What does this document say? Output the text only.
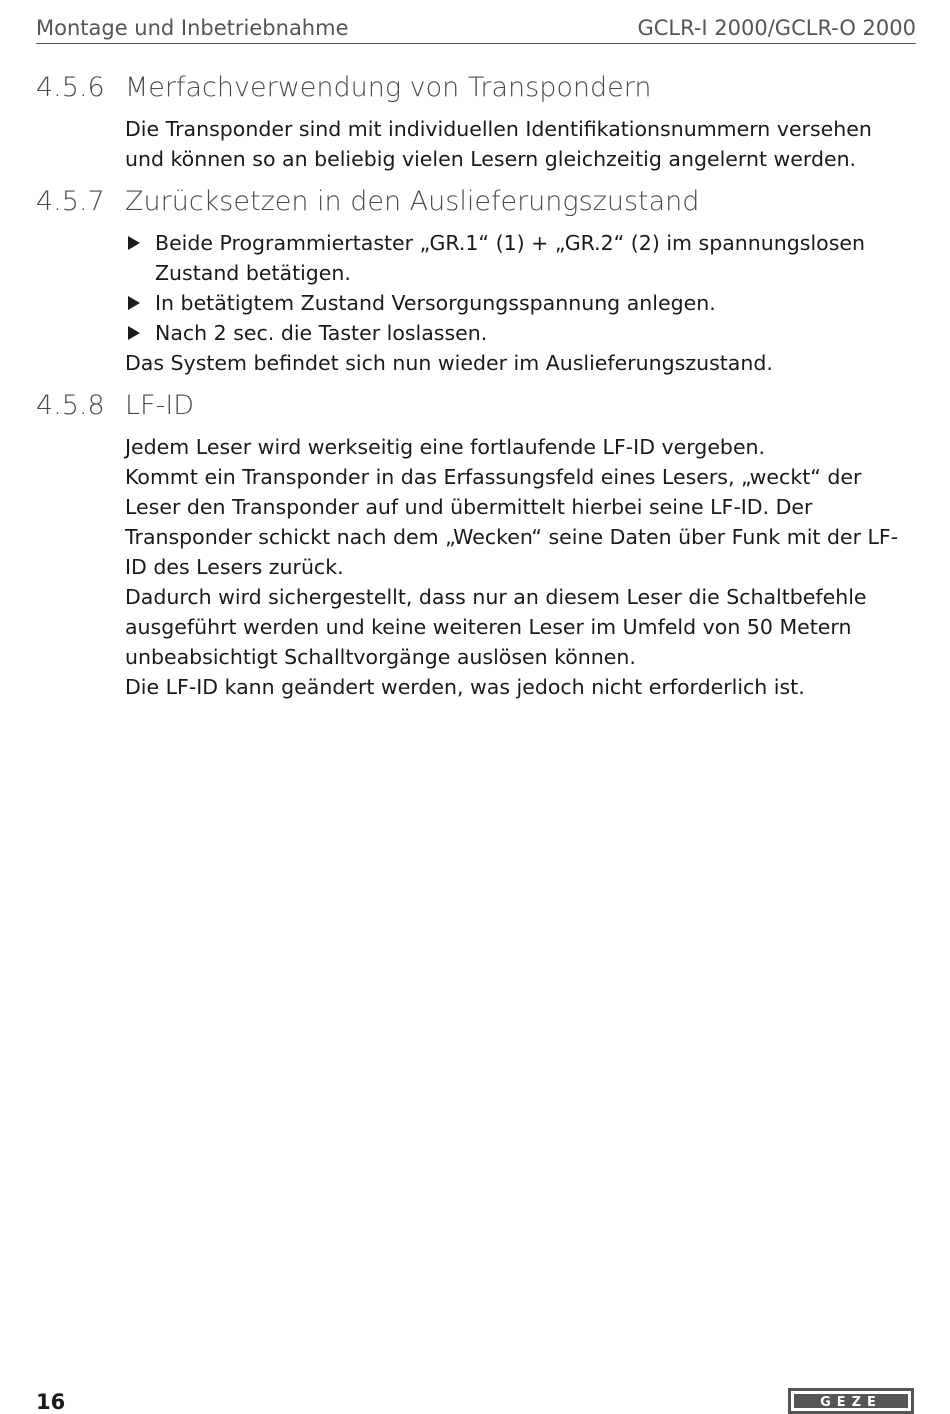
Montage und Inbetriebnahme	GCLR-I 2000/GCLR-O 2000
4.5.6 Merfachverwendung von Transpondern

Die Transponder sind mit individuellen Identifikationsnummern versehen und können so an beliebig vielen Lesern gleichzeitig angelernt werden.

4.5.7 Zurücksetzen in den Auslieferungszustand
Beide Programmiertaster „GR.1“ (1) + „GR.2“ (2) im spannungslosen Zustand betätigen.
In betätigtem Zustand Versorgungsspannung anlegen.
Nach 2 sec. die Taster loslassen.

Das System befindet sich nun wieder im Auslieferungszustand.

4.5.8 LF-ID

Jedem Leser wird werkseitig eine fortlaufende LF-ID vergeben.

Kommt ein Transponder in das Erfassungsfeld eines Lesers, „weckt“ der Leser den Transponder auf und übermittelt hierbei seine LF-ID. Der Transponder schickt nach dem „Wecken“ seine Daten über Funk mit der LF-ID des Lesers zurück.

Dadurch wird sichergestellt, dass nur an diesem Leser die Schaltbefehle ausgeführt werden und keine weiteren Leser im Umfeld von 50 Metern unbeabsichtigt Schalltvorgänge auslösen können.

Die LF-ID kann geändert werden, was jedoch nicht erforderlich ist.

16	GEZE
